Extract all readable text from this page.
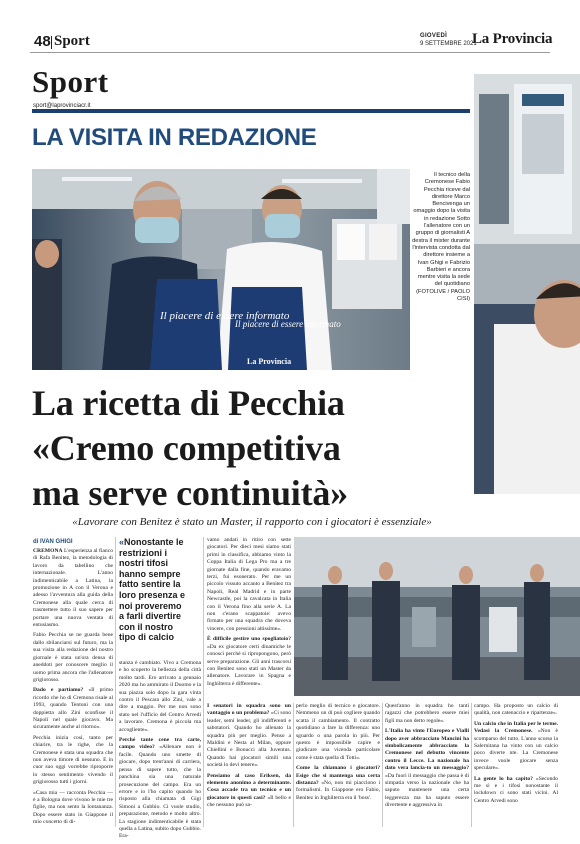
48 Sport	GIOVEDÌ
9 SETTEMBRE 2021
La Provincia
Sport
sport@laprovinciacr.it
LA VISITA IN REDAZIONE
Il piacere di essere informato
Il piacere di essere informato
La Provincia
Il tecnico della Cremonese Fabio Pecchia riceve dal direttore Marco Bencivenga un omaggio dopo la visita in redazione Sotto l'allenatore con un gruppo di giornalisti A destra il mister durante l'intervista condotta dal direttore insieme a Ivan Ghigi e Fabrizio Barbieri e ancora mentre visita la sede del quotidiano (FOTOLIVE / PAOLO CISI)
La ricetta di Pecchia
«Cremo competitiva
ma serve continuità»
«Lavorare con Benitez è stato un Master, il rapporto con i giocatori è essenziale»
di IVAN GHIGI

CREMONA L'esperienza al fianco di Rafa Benitez, la metodologia di lavoro da tabellino che internazionale. L'anno indimenticabile a Latina, la promozione in A con il Verona e adesso l'avventura alla guida della Cremonese alla quale cerca di trasmettere tutto il suo sapere per portare una nuova ventata di entusiasmo.

Fabio Pecchia se ne guarda bene dallo sbilanciarsi sul futuro, ma la sua visita alla redazione del nostro giornale è stata un'ora densa di aneddoti per conoscere meglio il uomo prima ancora che l'allenatore grigiorosso.

Dado e partiamo? «Il primo ricordo che ho di Cremona risale al 1993, quando Tentoni con una doppietta allo Zini sconfisse il Napoli nel quale giocavo. Ma sicuramente anche al ritorno».

Pecchia inizia così, tanto per chiarire, tra le righe, che la Cremonese è stata una squadra che non aveva timore di nessuno. E in cuor suo oggi vorrebbe riproporre lo stesso sentimento vivendo il grigiorosso tutti i giorni.

«Casa mia — racconta Pecchia — è a Bologna dove vivono le mie tre figlie, ma non sento la lontananza. Dopo essere stato in Giappone il mio concetto di di-

«Nonostante le restrizioni i nostri tifosi hanno sempre fatto sentire la loro presenza e noi proveremo a farli divertire con il nostro tipo di calcio

stanza è cambiato. Vivo a Cremona e ho scoperto la bellezza della città molto tardi. Ero arrivato a gennaio 2020 ma ho ammirato il Duomo e la sua piazza solo dopo la gara vinta contro il Pescara allo Zini, vale a dire a maggio. Per me non sono stato nel l'ufficio del Centro Arvedi a lavorare. Cremona è piccola ma accogliente».

Perché tante cene tra carte, campo video? «Allenare non è facile. Quando uno smette di giocare, dopo trent'anni di carriera, pensa di sapere tutto, che la panchina sia una naturale prosecuzione del campo. Era un errore e io l'ho capito quando ho risposto alla chiamata di Gigi Simoni a Gubbio. Ci vuole studio, preparazione, metodo e molto altro. La stagione indimenticabile è stata quella a Latina, subito dopo Gubbio. Era-

vamo andati in ritiro con sette giocatori. Per dieci mesi siamo stati primi in classifica, abbiamo vinto la Coppa Italia di Lega Pro ma a tre giornate dalla fine, quando eravamo terzi, fui esonerato. Per me un piccolo vissuto accanto a Benitez tra Napoli, Real Madrid e in parte Newcastle, poi la cavalcata in Italia con il Verona fino alla serie A. La non c'erano scappatoie: avevo firmato per una squadra che doveva vincere, con pressioni altissime».

È difficile gestire uno spogliatoio? «Da ex giocatore certi dinamiche le conosci perché si ripropongono, però serve preparazione. Gli anni trascorsi con Benitez sono stati un Master da allenatore. Lavorare in Spagna e Inghilterra è differente».

I senatori in squadra sono un vantaggio o un problema? «Ci sono leader, semi leader, gli indifferenti e sabotatori. Quando ho allenato la squadra più per meglio. Penso a Maldini e Nesta al Milan, oppure Chiellini e Bonucci alla Juventus. Quando hai giocatori simili una società lo devi tenere».

Pensiamo al caso Eriksen, da elemento anonimo a determinante. Cosa accade tra un tecnico e un giocatore in questi casi? «Il bello e che nessuno può sa-

perlo meglio di tecnico e giocatore. Nemmeno un dì può cogliere quando scatta il cambiamento. Il contratto quotidiano a fare la differenza: uno sguardo o una parola in più. Per questo è impossibile capire e giudicare una vicenda particolare come è stata quella di Totti».

Come la chiamano i giocatori? Esige che si mantenga una certa distanza? «No, non mi piacciono i formalismi. In Giappone ero Fabio, Benitez in Inghilterra era il 'boss'.

Quest'anno in squadra ho tanti ragazzi che potrebbero essere miei figli ma non detto regole».

L'Italia ha vinto l'Europeo e Vialli dopo aver abbracciato Mancini ha simbolicamente abbracciato la Cremonese nel debutto vincente contro il Lecce. La nazionale ha dato vera lancia-to un messaggio? «Da fuori il messaggio che passa è di simpatia verso la nazionale che ha saputo mantenere una certa leggerezza ma ha saputo essere divertente e aggressiva in

campo. Ha proposto un calcio di qualità, non catenaccio e ripartenze».

Un calcio che in Italia per le terme. Vedasi la Cremonese. «Non è scomparso del tutto. L'anno scorso la Salernitana ha vinto con un calcio poco diverte nte. La Cremonese invece vuole giocare senza speculare».

La gente lo ha capito? «Secondo me sì e i tifosi nonostante il lockdown ci sono stati vicini. Al Centro Arvedi sono
